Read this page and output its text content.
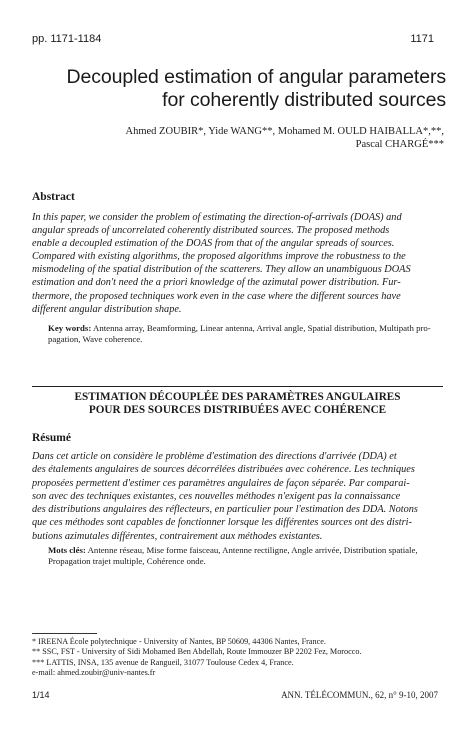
pp. 1171-1184	1171
Decoupled estimation of angular parameters
for coherently distributed sources
Ahmed ZOUBIR*, Yide WANG**, Mohamed M. OULD HAIBALLA*,**,
Pascal CHARGÉ***
Abstract
In this paper, we consider the problem of estimating the direction-of-arrivals (DOAS) and
angular spreads of uncorrelated coherently distributed sources. The proposed methods
enable a decoupled estimation of the DOAS from that of the angular spreads of sources.
Compared with existing algorithms, the proposed algorithms improve the robustness to the
mismodeling of the spatial distribution of the scatterers. They allow an unambiguous DOAS
estimation and don't need the a priori knowledge of the azimutal power distribution. Fur-
thermore, the proposed techniques work even in the case where the different sources have
different angular distribution shape.
Key words: Antenna array, Beamforming, Linear antenna, Arrival angle, Spatial distribution, Multipath pro-
pagation, Wave coherence.
ESTIMATION DÉCOUPLÉE DES PARAMÈTRES ANGULAIRES
POUR DES SOURCES DISTRIBUÉES AVEC COHÉRENCE
Résumé
Dans cet article on considère le problème d'estimation des directions d'arrivée (DDA) et
des étalements angulaires de sources décorrélées distribuées avec cohérence. Les techniques
proposées permettent d'estimer ces paramètres angulaires de façon séparée. Par comparai-
son avec des techniques existantes, ces nouvelles méthodes n'exigent pas la connaissance
des distributions angulaires des réflecteurs, en particulier pour l'estimation des DDA. Notons
que ces méthodes sont capables de fonctionner lorsque les différentes sources ont des distri-
butions azimutales différentes, contrairement aux méthodes existantes.
Mots clés: Antenne réseau, Mise forme faisceau, Antenne rectiligne, Angle arrivée, Distribution spatiale,
Propagation trajet multiple, Cohérence onde.
* IREENA École polytechnique - University of Nantes, BP 50609, 44306 Nantes, France.
** SSC, FST - University of Sidi Mohamed Ben Abdellah, Route Immouzer BP 2202 Fez, Morocco.
*** LATTIS, INSA, 135 avenue de Rangueil, 31077 Toulouse Cedex 4, France.
e-mail: ahmed.zoubir@univ-nantes.fr
1/14	ANN. TÉLÉCOMMUN., 62, n° 9-10, 2007
